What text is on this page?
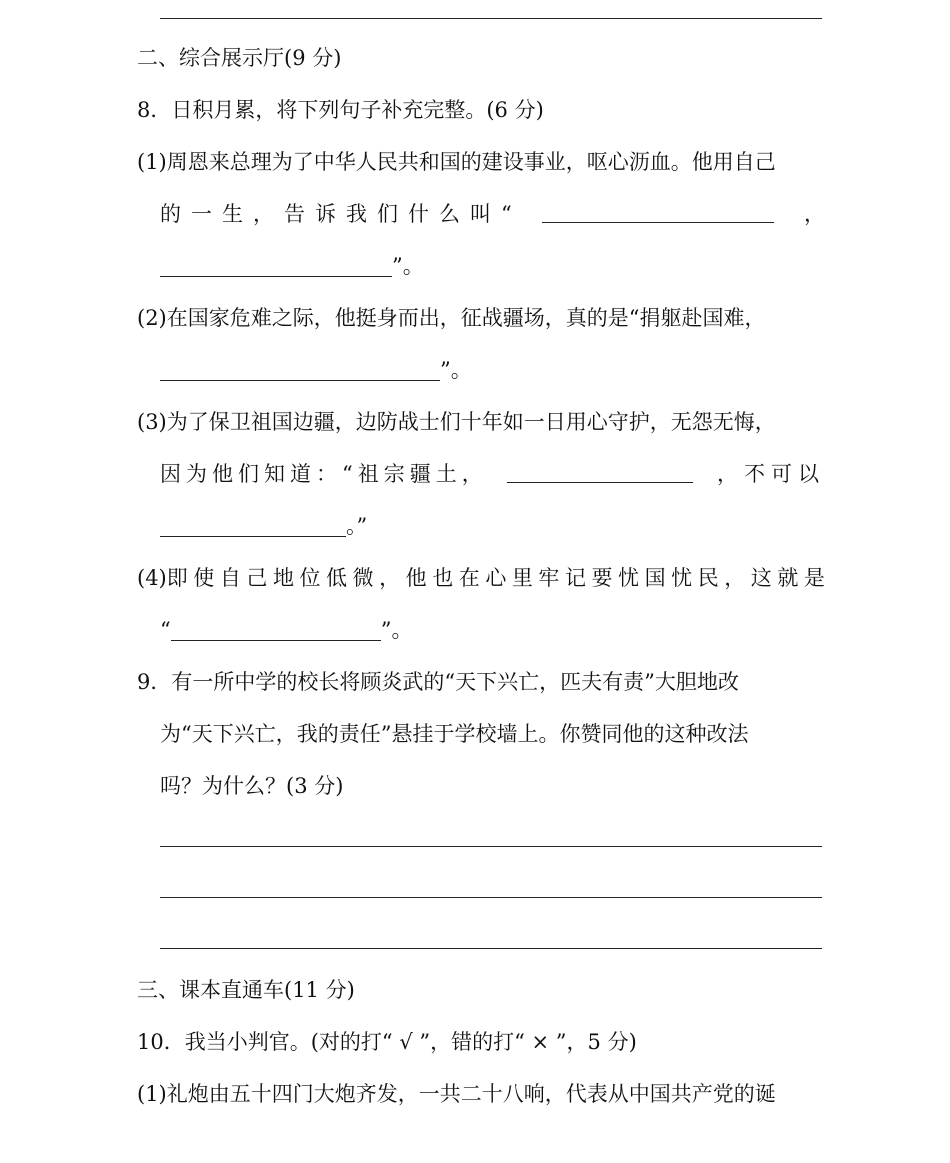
二、综合展示厅(9 分)
8．日积月累，将下列句子补充完整。(6 分)
(1)周恩来总理为了中华人民共和国的建设事业，呕心沥血。他用自己
的 一 生 ， 告 诉 我 们 什 么 叫 “	，
”。
(2)在国家危难之际，他挺身而出，征战疆场，真的是“捐躯赴国难，
”。
(3)为了保卫祖国边疆，边防战士们十年如一日用心守护，无怨无悔，
因 为 他 们 知 道 ： “ 祖 宗 疆 土 ，	，不可以
。”
(4)即 使 自 己 地 位 低 微 ， 他 也 在 心 里 牢 记 要 忧 国 忧 民 ， 这 就 是
“	”。
9．有一所中学的校长将顾炎武的“天下兴亡，匹夫有责”大胆地改
为“天下兴亡，我的责任”悬挂于学校墙上。你赞同他的这种改法
吗？为什么？(3 分)
三、课本直通车(11 分)
10．我当小判官。(对的打“ √ ”，错的打“ × ”，5 分)
(1)礼炮由五十四门大炮齐发，一共二十八响，代表从中国共产党的诞
